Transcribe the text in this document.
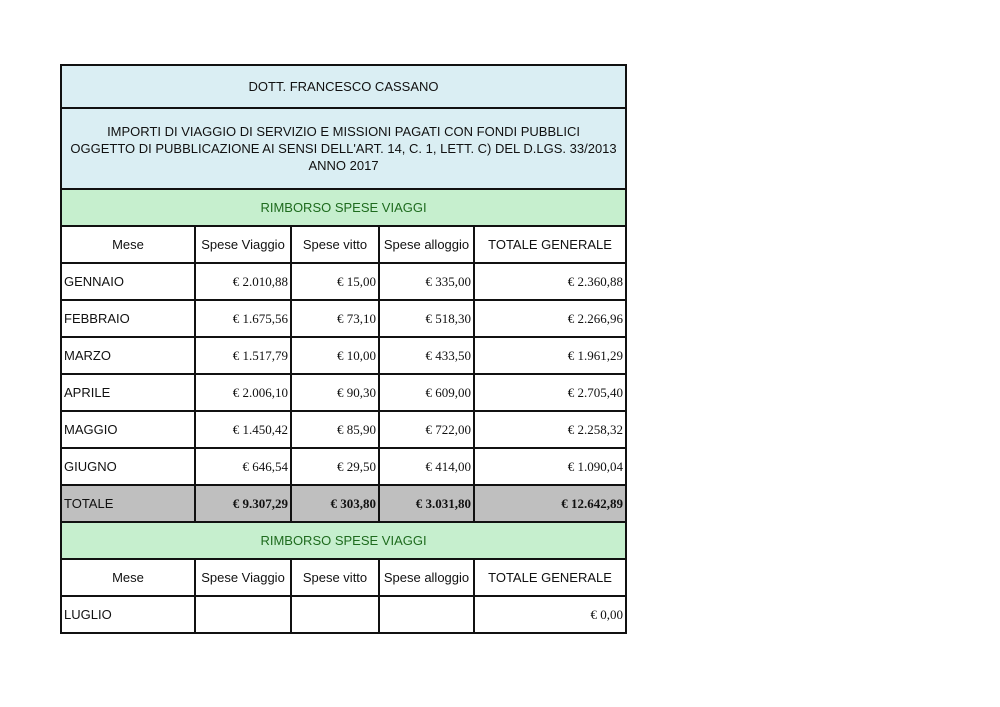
DOTT. FRANCESCO CASSANO				

IMPORTI DI VIAGGIO DI SERVIZIO E MISSIONI PAGATI CON FONDI PUBBLICI
OGGETTO DI PUBBLICAZIONE AI SENSI DELL'ART. 14, C. 1, LETT. C) DEL D.LGS. 33/2013
ANNO 2017				

RIMBORSO SPESE VIAGGI				
Mese	Spese Viaggio	Spese vitto	Spese alloggio	TOTALE GENERALE
GENNAIO	€ 2.010,88	€ 15,00	€ 335,00	€ 2.360,88
FEBBRAIO	€ 1.675,56	€ 73,10	€ 518,30	€ 2.266,96
MARZO	€ 1.517,79	€ 10,00	€ 433,50	€ 1.961,29
APRILE	€ 2.006,10	€ 90,30	€ 609,00	€ 2.705,40
MAGGIO	€ 1.450,42	€ 85,90	€ 722,00	€ 2.258,32
GIUGNO	€ 646,54	€ 29,50	€ 414,00	€ 1.090,04
TOTALE	€ 9.307,29	€ 303,80	€ 3.031,80	€ 12.642,89
RIMBORSO SPESE VIAGGI				
Mese	Spese Viaggio	Spese vitto	Spese alloggio	TOTALE GENERALE
LUGLIO				€ 0,00
